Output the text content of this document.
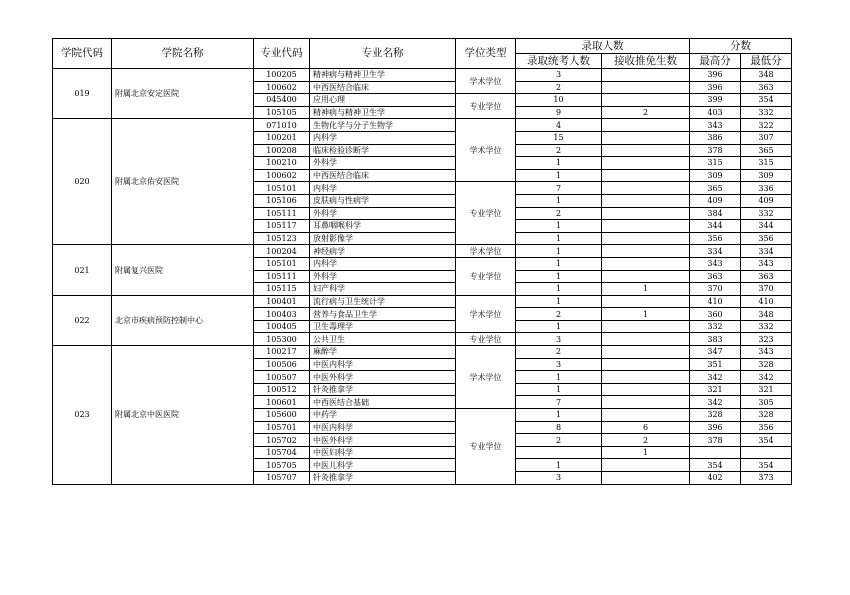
学院代码	学院名称	专业代码	专业名称	学位类型	录取人数		分数	
					录取统考人数	接收推免生数	最高分	最低分
019	附属北京安定医院	100205	精神病与精神卫生学	学术学位	3		396	348
		100602	中西医结合临床		2		396	363
		045400	应用心理	专业学位	10		399	354
		105105	精神病与精神卫生学		9	2	403	332
020	附属北京佑安医院	071010	生物化学与分子生物学	学术学位	4		343	322
		100201	内科学		15		386	307
		100208	临床检验诊断学		2		378	365
		100210	外科学		1		315	315
		100602	中西医结合临床		1		309	309
		105101	内科学	专业学位	7		365	336
		105106	皮肤病与性病学		1		409	409
		105111	外科学		2		384	332
		105117	耳鼻咽喉科学		1		344	344
		105123	放射影像学		1		356	356
021	附属复兴医院	100204	神经病学	学术学位	1		334	334
		105101	内科学	专业学位	1		343	343
		105111	外科学		1		363	363
		105115	妇产科学		1	1	370	370
022	北京市疾病预防控制中心	100401	流行病与卫生统计学	学术学位	1		410	410
		100403	营养与食品卫生学		2	1	360	348
		100405	卫生毒理学		1		332	332
		105300	公共卫生	专业学位	3		383	323
023	附属北京中医医院	100217	麻醉学	学术学位	2		347	343
		100506	中医内科学		3		351	328
		100507	中医外科学		1		342	342
		100512	针灸推拿学		1		321	321
		100601	中西医结合基础		7		342	305
		105600	中药学	专业学位	1		328	328
		105701	中医内科学		8	6	396	356
		105702	中医外科学		2	2	378	354
		105704	中医妇科学			1		
		105705	中医儿科学		1		354	354
		105707	针灸推拿学		3		402	373
